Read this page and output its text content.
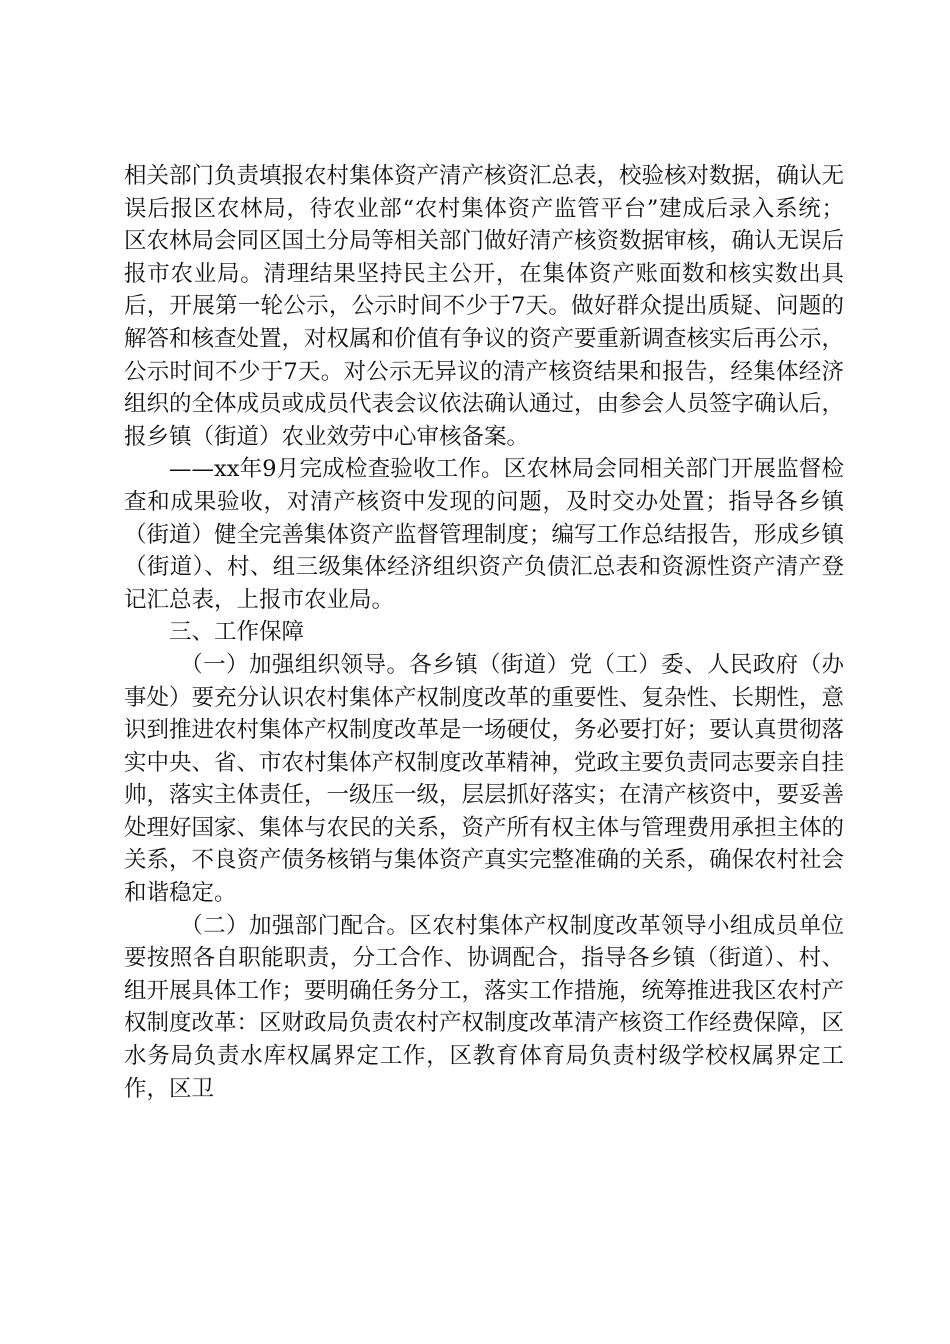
相关部门负责填报农村集体资产清产核资汇总表，校验核对数据，确认无误后报区农林局，待农业部“农村集体资产监管平台”建成后录入系统；区农林局会同区国土分局等相关部门做好清产核资数据审核，确认无误后报市农业局。清理结果坚持民主公开，在集体资产账面数和核实数出具后，开展第一轮公示，公示时间不少于7天。做好群众提出质疑、问题的解答和核查处置，对权属和价值有争议的资产要重新调查核实后再公示，公示时间不少于7天。对公示无异议的清产核资结果和报告，经集体经济组织的全体成员或成员代表会议依法确认通过，由参会人员签字确认后，报乡镇（街道）农业效劳中心审核备案。

——xx年9月完成检查验收工作。区农林局会同相关部门开展监督检查和成果验收，对清产核资中发现的问题，及时交办处置；指导各乡镇（街道）健全完善集体资产监督管理制度；编写工作总结报告，形成乡镇（街道）、村、组三级集体经济组织资产负债汇总表和资源性资产清产登记汇总表，上报市农业局。

三、工作保障

（一）加强组织领导。各乡镇（街道）党（工）委、人民政府（办事处）要充分认识农村集体产权制度改革的重要性、复杂性、长期性，意识到推进农村集体产权制度改革是一场硬仗，务必要打好；要认真贯彻落实中央、省、市农村集体产权制度改革精神，党政主要负责同志要亲自挂帅，落实主体责任，一级压一级，层层抓好落实；在清产核资中，要妥善处理好国家、集体与农民的关系，资产所有权主体与管理费用承担主体的关系，不良资产债务核销与集体资产真实完整准确的关系，确保农村社会和谐稳定。

（二）加强部门配合。区农村集体产权制度改革领导小组成员单位要按照各自职能职责，分工合作、协调配合，指导各乡镇（街道）、村、组开展具体工作；要明确任务分工，落实工作措施，统筹推进我区农村产权制度改革：区财政局负责农村产权制度改革清产核资工作经费保障，区水务局负责水库权属界定工作，区教育体育局负责村级学校权属界定工作，区卫
